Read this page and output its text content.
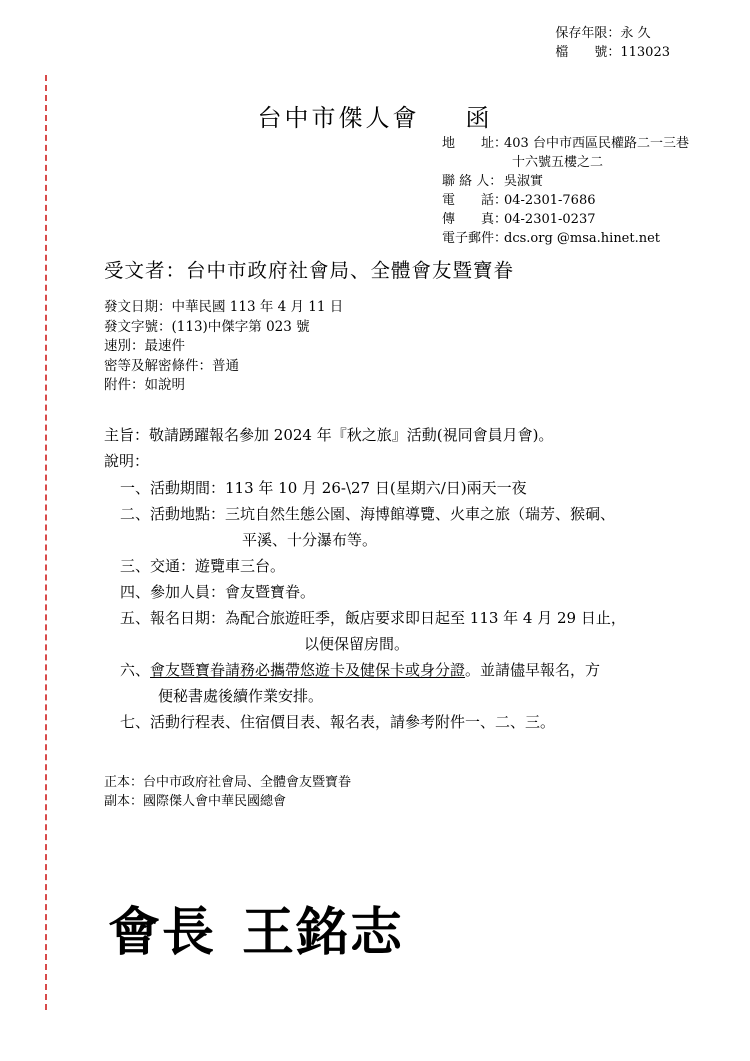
保存年限：永 久
檔　　號：113023
台中市傑人會 函
地　　址：
403 台中市西區民權路二一三巷
十六號五樓之二
聯 絡 人： 吳淑實
電　　話：
04-2301-7686
傳　　真：
04-2301-0237
電子郵件：
dcs.org @msa.hinet.net
受文者：台中市政府社會局、全體會友暨寶眷
發文日期：中華民國 113 年 4 月 11 日
發文字號：(113)中傑字第 023 號
速別：最速件
密等及解密條件：普通
附件：如說明
主旨：敬請踴躍報名參加 2024 年『秋之旅』活動(視同會員月會)。
說明：
一、活動期間：113 年 10 月 26-\27 日(星期六/日)兩天一夜
二、活動地點：三坑自然生態公園、海博館導覽、火車之旅（瑞芳、猴硐、
平溪、十分瀑布等。
三、交通：遊覽車三台。
四、參加人員：會友暨寶眷。
五、報名日期：為配合旅遊旺季，飯店要求即日起至 113 年 4 月 29 日止，
以便保留房間。
六、會友暨寶眷請務必攜帶悠遊卡及健保卡或身分證。並請儘早報名，方
便秘書處後續作業安排。
七、活動行程表、住宿價目表、報名表，請參考附件一、二、三。
正本：台中市政府社會局、全體會友暨寶眷
副本：國際傑人會中華民國總會
會長 王銘志
